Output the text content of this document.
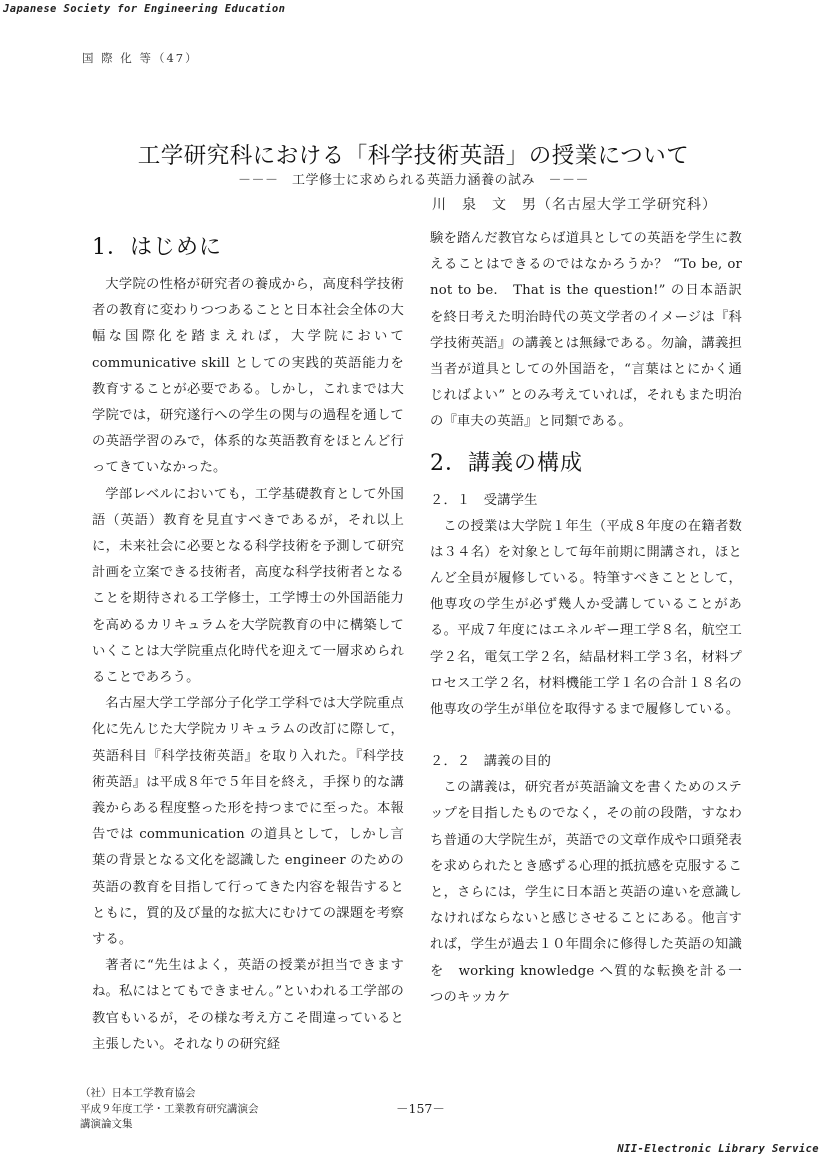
Japanese Society for Engineering Education
国 際 化 等（47）
工学研究科における「科学技術英語」の授業について
－－－　工学修士に求められる英語力涵養の試み　－－－
川　泉　文　男（名古屋大学工学研究科）
1．はじめに

大学院の性格が研究者の養成から，高度科学技術者の教育に変わりつつあることと日本社会全体の大幅な国際化を踏まえれば，大学院において communicative skill としての実践的英語能力を教育することが必要である。しかし，これまでは大学院では，研究遂行への学生の関与の過程を通しての英語学習のみで，体系的な英語教育をほとんど行ってきていなかった。

学部レベルにおいても，工学基礎教育として外国語（英語）教育を見直すべきであるが，それ以上に，未来社会に必要となる科学技術を予測して研究計画を立案できる技術者，高度な科学技術者となることを期待される工学修士，工学博士の外国語能力を高めるカリキュラムを大学院教育の中に構築していくことは大学院重点化時代を迎えて一層求められることであろう。

名古屋大学工学部分子化学工学科では大学院重点化に先んじた大学院カリキュラムの改訂に際して，英語科目『科学技術英語』を取り入れた。『科学技術英語』は平成８年で５年目を終え，手探り的な講義からある程度整った形を持つまでに至った。本報告では communication の道具として，しかし言葉の背景となる文化を認識した engineer のための英語の教育を目指して行ってきた内容を報告するとともに，質的及び量的な拡大にむけての課題を考察する。

著者に“先生はよく，英語の授業が担当できますね。私にはとてもできません。”といわれる工学部の教官もいるが，その様な考え方こそ間違っていると主張したい。それなりの研究経

験を踏んだ教官ならば道具としての英語を学生に教えることはできるのではなかろうか？ “To be, or not to be.　That is the question!” の日本語訳を終日考えた明治時代の英文学者のイメージは『科学技術英語』の講義とは無縁である。勿論，講義担当者が道具としての外国語を，“言葉はとにかく通じればよい” とのみ考えていれば，それもまた明治の『車夫の英語』と同類である。

2．講義の構成
２．１　受講学生

この授業は大学院１年生（平成８年度の在籍者数は３４名）を対象として毎年前期に開講され，ほとんど全員が履修している。特筆すべきこととして，他専攻の学生が必ず幾人か受講していることがある。平成７年度にはエネルギー理工学８名，航空工学２名，電気工学２名，結晶材料工学３名，材料プロセス工学２名，材料機能工学１名の合計１８名の他専攻の学生が単位を取得するまで履修している。

２．２　講義の目的

この講義は，研究者が英語論文を書くためのステップを目指したものでなく，その前の段階，すなわち普通の大学院生が，英語での文章作成や口頭発表を求められたとき感ずる心理的抵抗感を克服すること，さらには，学生に日本語と英語の違いを意識しなければならないと感じさせることにある。他言すれば，学生が過去１０年間余に修得した英語の知識を　working knowledge へ質的な転換を計る一つのキッカケ

（社）日本工学教育協会
平成９年度工学・工業教育研究講演会
講演論文集
－157－
NII-Electronic Library Service
